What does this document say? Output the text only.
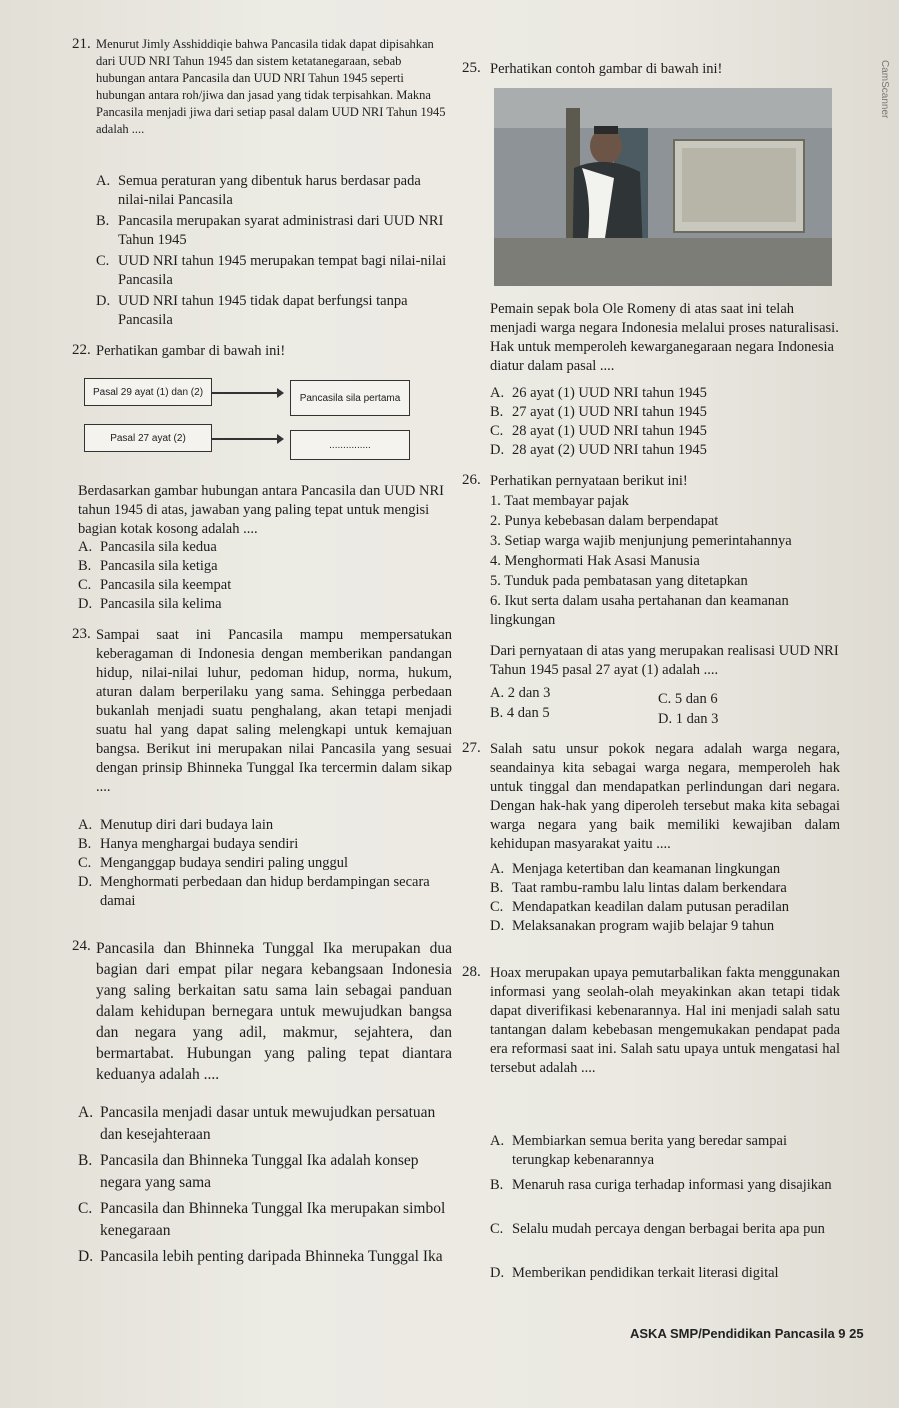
21. Menurut Jimly Asshiddiqie bahwa Pancasila tidak dapat dipisahkan dari UUD NRI Tahun 1945 dan sistem ketatanegaraan, sebab hubungan antara Pancasila dan UUD NRI Tahun 1945 seperti hubungan antara roh/jiwa dan jasad yang tidak terpisahkan. Makna Pancasila menjadi jiwa dari setiap pasal dalam UUD NRI Tahun 1945 adalah ....
A. Semua peraturan yang dibentuk harus berdasar pada nilai-nilai Pancasila
B. Pancasila merupakan syarat administrasi dari UUD NRI Tahun 1945
C. UUD NRI tahun 1945 merupakan tempat bagi nilai-nilai Pancasila
D. UUD NRI tahun 1945 tidak dapat berfungsi tanpa Pancasila
22. Perhatikan gambar di bawah ini!
Pasal 29 ayat (1) dan (2)
Pancasila sila pertama
Pasal 27 ayat (2)
...............
Berdasarkan gambar hubungan antara Pancasila dan UUD NRI tahun 1945 di atas, jawaban yang paling tepat untuk mengisi bagian kotak kosong adalah ....
A. Pancasila sila kedua
B. Pancasila sila ketiga
C. Pancasila sila keempat
D. Pancasila sila kelima
23. Sampai saat ini Pancasila mampu mempersatukan keberagaman di Indonesia dengan memberikan pandangan hidup, nilai-nilai luhur, pedoman hidup, norma, hukum, aturan dalam berperilaku yang sama. Sehingga perbedaan bukanlah menjadi suatu penghalang, akan tetapi menjadi suatu hal yang dapat saling melengkapi untuk kemajuan bangsa. Berikut ini merupakan nilai Pancasila yang sesuai dengan prinsip Bhinneka Tunggal Ika tercermin dalam sikap ....
A. Menutup diri dari budaya lain
B. Hanya menghargai budaya sendiri
C. Menganggap budaya sendiri paling unggul
D. Menghormati perbedaan dan hidup berdampingan secara damai
24. Pancasila dan Bhinneka Tunggal Ika merupakan dua bagian dari empat pilar negara kebangsaan Indonesia yang saling berkaitan satu sama lain sebagai panduan dalam kehidupan bernegara untuk mewujudkan bangsa dan negara yang adil, makmur, sejahtera, dan bermartabat. Hubungan yang paling tepat diantara keduanya adalah ....
A. Pancasila menjadi dasar untuk mewujudkan persatuan dan kesejahteraan
B. Pancasila dan Bhinneka Tunggal Ika adalah konsep negara yang sama
C. Pancasila dan Bhinneka Tunggal Ika merupakan simbol kenegaraan
D. Pancasila lebih penting daripada Bhinneka Tunggal Ika
25. Perhatikan contoh gambar di bawah ini!
Pemain sepak bola Ole Romeny di atas saat ini telah menjadi warga negara Indonesia melalui proses naturalisasi. Hak untuk memperoleh kewarganegaraan negara Indonesia diatur dalam pasal ....
A. 26 ayat (1) UUD NRI tahun 1945
B. 27 ayat (1) UUD NRI tahun 1945
C. 28 ayat (1) UUD NRI tahun 1945
D. 28 ayat (2) UUD NRI tahun 1945
26. Perhatikan pernyataan berikut ini!
1. Taat membayar pajak
2. Punya kebebasan dalam berpendapat
3. Setiap warga wajib menjunjung pemerintahannya
4. Menghormati Hak Asasi Manusia
5. Tunduk pada pembatasan yang ditetapkan
6. Ikut serta dalam usaha pertahanan dan keamanan lingkungan
Dari pernyataan di atas yang merupakan realisasi UUD NRI Tahun 1945 pasal 27 ayat (1) adalah ....
A. 2 dan 3
B. 4 dan 5
C. 5 dan 6
D. 1 dan 3
27. Salah satu unsur pokok negara adalah warga negara, seandainya kita sebagai warga negara, memperoleh hak untuk tinggal dan mendapatkan perlindungan dari negara. Dengan hak-hak yang diperoleh tersebut maka kita sebagai warga negara yang baik memiliki kewajiban dalam kehidupan masyarakat yaitu ....
A. Menjaga ketertiban dan keamanan lingkungan
B. Taat rambu-rambu lalu lintas dalam berkendara
C. Mendapatkan keadilan dalam putusan peradilan
D. Melaksanakan program wajib belajar 9 tahun
28. Hoax merupakan upaya pemutarbalikan fakta menggunakan informasi yang seolah-olah meyakinkan akan tetapi tidak dapat diverifikasi kebenarannya. Hal ini menjadi salah satu tantangan dalam kebebasan mengemukakan pendapat pada era reformasi saat ini. Salah satu upaya untuk mengatasi hal tersebut adalah ....
A. Membiarkan semua berita yang beredar sampai terungkap kebenarannya
B. Menaruh rasa curiga terhadap informasi yang disajikan
C. Selalu mudah percaya dengan berbagai berita apa pun
D. Memberikan pendidikan terkait literasi digital
CamScanner
ASKA SMP/Pendidikan Pancasila 9 25
